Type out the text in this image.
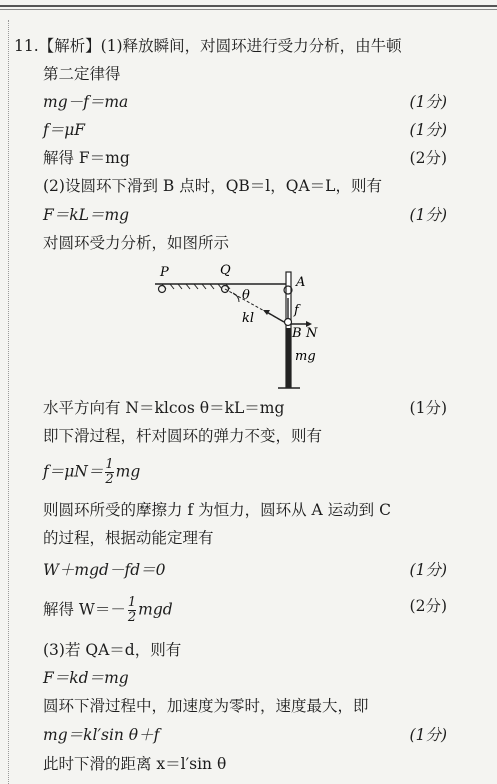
11.【解析】(1)释放瞬间，对圆环进行受力分析，由牛顿
第二定律得
mg－f＝ma	(1分)
f＝μF	(1分)
解得 F＝mg	(2分)
(2)设圆环下滑到 B 点时，QB＝l，QA＝L，则有
F＝kL＝mg	(1分)
对圆环受力分析，如图所示
P	Q
A
θ
kl
f
B N
mg
水平方向有 N＝klcos θ＝kL＝mg	(1分)
即下滑过程，杆对圆环的弹力不变，则有
$f=\mu N= \frac{1}{2}$ mg
则圆环所受的摩擦力 f 为恒力，圆环从 A 运动到 C
的过程，根据动能定理有
W＋mgd－fd＝0	(1分)
解得 $W=- \frac{1}{2}$ mgd	(2分)
(3)若 QA＝d，则有
F＝kd＝mg
圆环下滑过程中，加速度为零时，速度最大，即
mg＝kl′sin θ＋f	(1分)
此时下滑的距离 x＝l′sin θ
